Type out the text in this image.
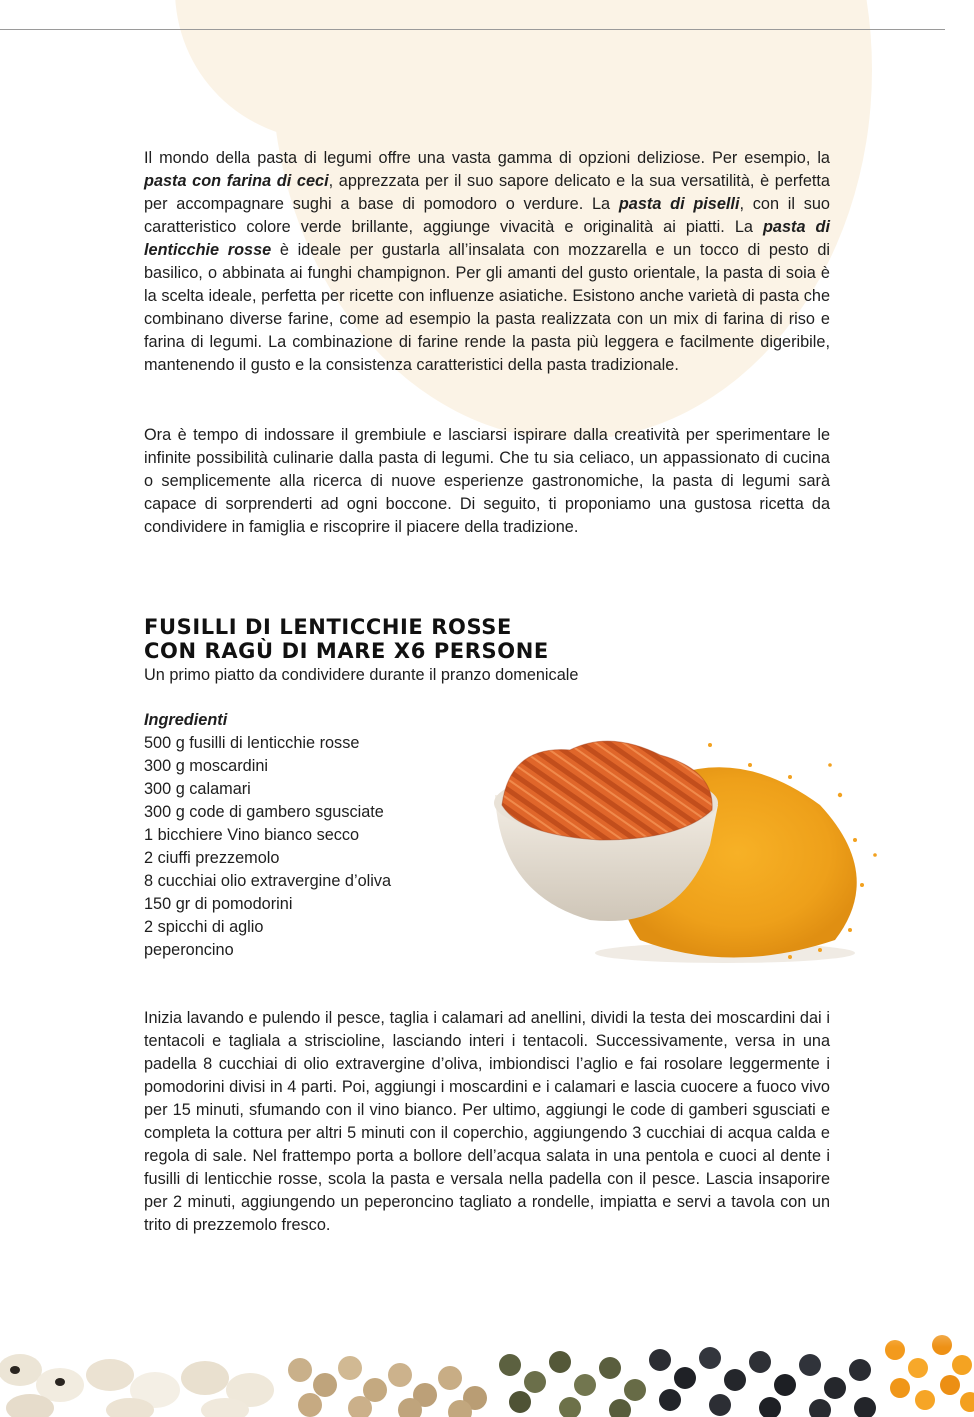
Il mondo della pasta di legumi offre una vasta gamma di opzioni deliziose. Per esempio, la pasta con farina di ceci, apprezzata per il suo sapore delicato e la sua versatilità, è perfetta per accompagnare sughi a base di pomodoro o verdure. La pasta di piselli, con il suo caratteristico colore verde brillante, aggiunge vivacità e originalità ai piatti. La pasta di lenticchie rosse è ideale per gustarla all’insalata con mozzarella e un tocco di pesto di basilico, o abbinata ai funghi champignon. Per gli amanti del gusto orientale, la pasta di soia è la scelta ideale, perfetta per ricette con influenze asiatiche. Esistono anche varietà di pasta che combinano diverse farine, come ad esempio la pasta realizzata con un mix di farina di riso e farina di legumi. La combinazione di farine rende la pasta più leggera e facilmente digeribile, mantenendo il gusto e la consistenza caratteristici della pasta tradizionale.

Ora è tempo di indossare il grembiule e lasciarsi ispirare dalla creatività per sperimentare le infinite possibilità culinarie dalla pasta di legumi. Che tu sia celiaco, un appassionato di cucina o semplicemente alla ricerca di nuove esperienze gastronomiche, la pasta di legumi sarà capace di sorprenderti ad ogni boccone. Di seguito, ti proponiamo una gustosa ricetta da condividere in famiglia e riscoprire il piacere della tradizione.

FUSILLI DI LENTICCHIE ROSSE
CON RAGÙ DI MARE X6 PERSONE
Un primo piatto da condividere durante il pranzo domenicale
Ingredienti
500 g fusilli di lenticchie rosse
300 g moscardini
300 g calamari
300 g code di gambero sgusciate
1 bicchiere Vino bianco secco
2 ciuffi prezzemolo
8 cucchiai olio extravergine d’oliva
150 gr di pomodorini
2 spicchi di aglio
peperoncino

Inizia lavando e pulendo il pesce, taglia i calamari ad anellini, dividi la testa dei moscardini dai i tentacoli e tagliala a striscioline, lasciando interi i tentacoli. Successivamente, versa in una padella 8 cucchiai di olio extravergine d’oliva, imbiondisci l’aglio e fai rosolare leggermente i pomodorini divisi in 4 parti. Poi, aggiungi i moscardini e i calamari e lascia cuocere a fuoco vivo per 15 minuti, sfumando con il vino bianco. Per ultimo, aggiungi le code di gamberi sgusciati e completa la cottura per altri 5 minuti con il coperchio, aggiungendo 3 cucchiai di acqua calda e regola di sale. Nel frattempo porta a bollore dell’acqua salata in una pentola e cuoci al dente i fusilli di lenticchie rosse, scola la pasta e versala nella padella con il pesce. Lascia insaporire per 2 minuti, aggiungendo un peperoncino tagliato a rondelle, impiatta e servi a tavola con un trito di prezzemolo fresco.
